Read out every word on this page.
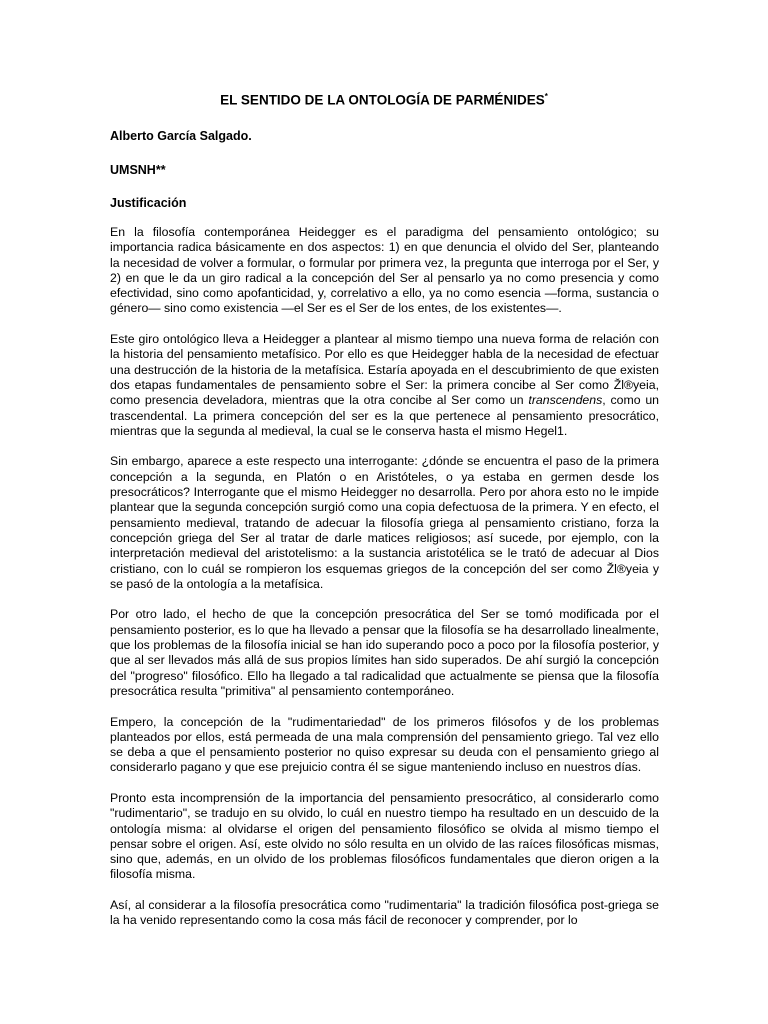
EL SENTIDO DE LA ONTOLOGÍA DE PARMÉNIDES*
Alberto García Salgado.
UMSNH**
Justificación

En la filosofía contemporánea Heidegger es el paradigma del pensamiento ontológico; su importancia radica básicamente en dos aspectos: 1) en que denuncia el olvido del Ser, planteando la necesidad de volver a formular, o formular por primera vez, la pregunta que interroga por el Ser, y 2) en que le da un giro radical a la concepción del Ser al pensarlo ya no como presencia y como efectividad, sino como apofanticidad, y, correlativo a ello, ya no como esencia —forma, sustancia o género— sino como existencia —el Ser es el Ser de los entes, de los existentes—.

Este giro ontológico lleva a Heidegger a plantear al mismo tiempo una nueva forma de relación con la historia del pensamiento metafísico. Por ello es que Heidegger habla de la necesidad de efectuar una destrucción de la historia de la metafísica. Estaría apoyada en el descubrimiento de que existen dos etapas fundamentales de pensamiento sobre el Ser: la primera concibe al Ser como Žl®yeia, como presencia develadora, mientras que la otra concibe al Ser como un transcendens, como un trascendental. La primera concepción del ser es la que pertenece al pensamiento presocrático, mientras que la segunda al medieval, la cual se le conserva hasta el mismo Hegel1.

Sin embargo, aparece a este respecto una interrogante: ¿dónde se encuentra el paso de la primera concepción a la segunda, en Platón o en Aristóteles, o ya estaba en germen desde los presocráticos? Interrogante que el mismo Heidegger no desarrolla. Pero por ahora esto no le impide plantear que la segunda concepción surgió como una copia defectuosa de la primera. Y en efecto, el pensamiento medieval, tratando de adecuar la filosofía griega al pensamiento cristiano, forza la concepción griega del Ser al tratar de darle matices religiosos; así sucede, por ejemplo, con la interpretación medieval del aristotelismo: a la sustancia aristotélica se le trató de adecuar al Dios cristiano, con lo cuál se rompieron los esquemas griegos de la concepción del ser como Žl®yeia y se pasó de la ontología a la metafísica.

Por otro lado, el hecho de que la concepción presocrática del Ser se tomó modificada por el pensamiento posterior, es lo que ha llevado a pensar que la filosofía se ha desarrollado linealmente, que los problemas de la filosofía inicial se han ido superando poco a poco por la filosofía posterior, y que al ser llevados más allá de sus propios límites han sido superados. De ahí surgió la concepción del "progreso" filosófico. Ello ha llegado a tal radicalidad que actualmente se piensa que la filosofía presocrática resulta "primitiva" al pensamiento contemporáneo.

Empero, la concepción de la "rudimentariedad" de los primeros filósofos y de los problemas planteados por ellos, está permeada de una mala comprensión del pensamiento griego. Tal vez ello se deba a que el pensamiento posterior no quiso expresar su deuda con el pensamiento griego al considerarlo pagano y que ese prejuicio contra él se sigue manteniendo incluso en nuestros días.

Pronto esta incomprensión de la importancia del pensamiento presocrático, al considerarlo como "rudimentario", se tradujo en su olvido, lo cuál en nuestro tiempo ha resultado en un descuido de la ontología misma: al olvidarse el origen del pensamiento filosófico se olvida al mismo tiempo el pensar sobre el origen. Así, este olvido no sólo resulta en un olvido de las raíces filosóficas mismas, sino que, además, en un olvido de los problemas filosóficos fundamentales que dieron origen a la filosofía misma.

Así, al considerar a la filosofía presocrática como "rudimentaria" la tradición filosófica post-griega se la ha venido representando como la cosa más fácil de reconocer y comprender, por lo
